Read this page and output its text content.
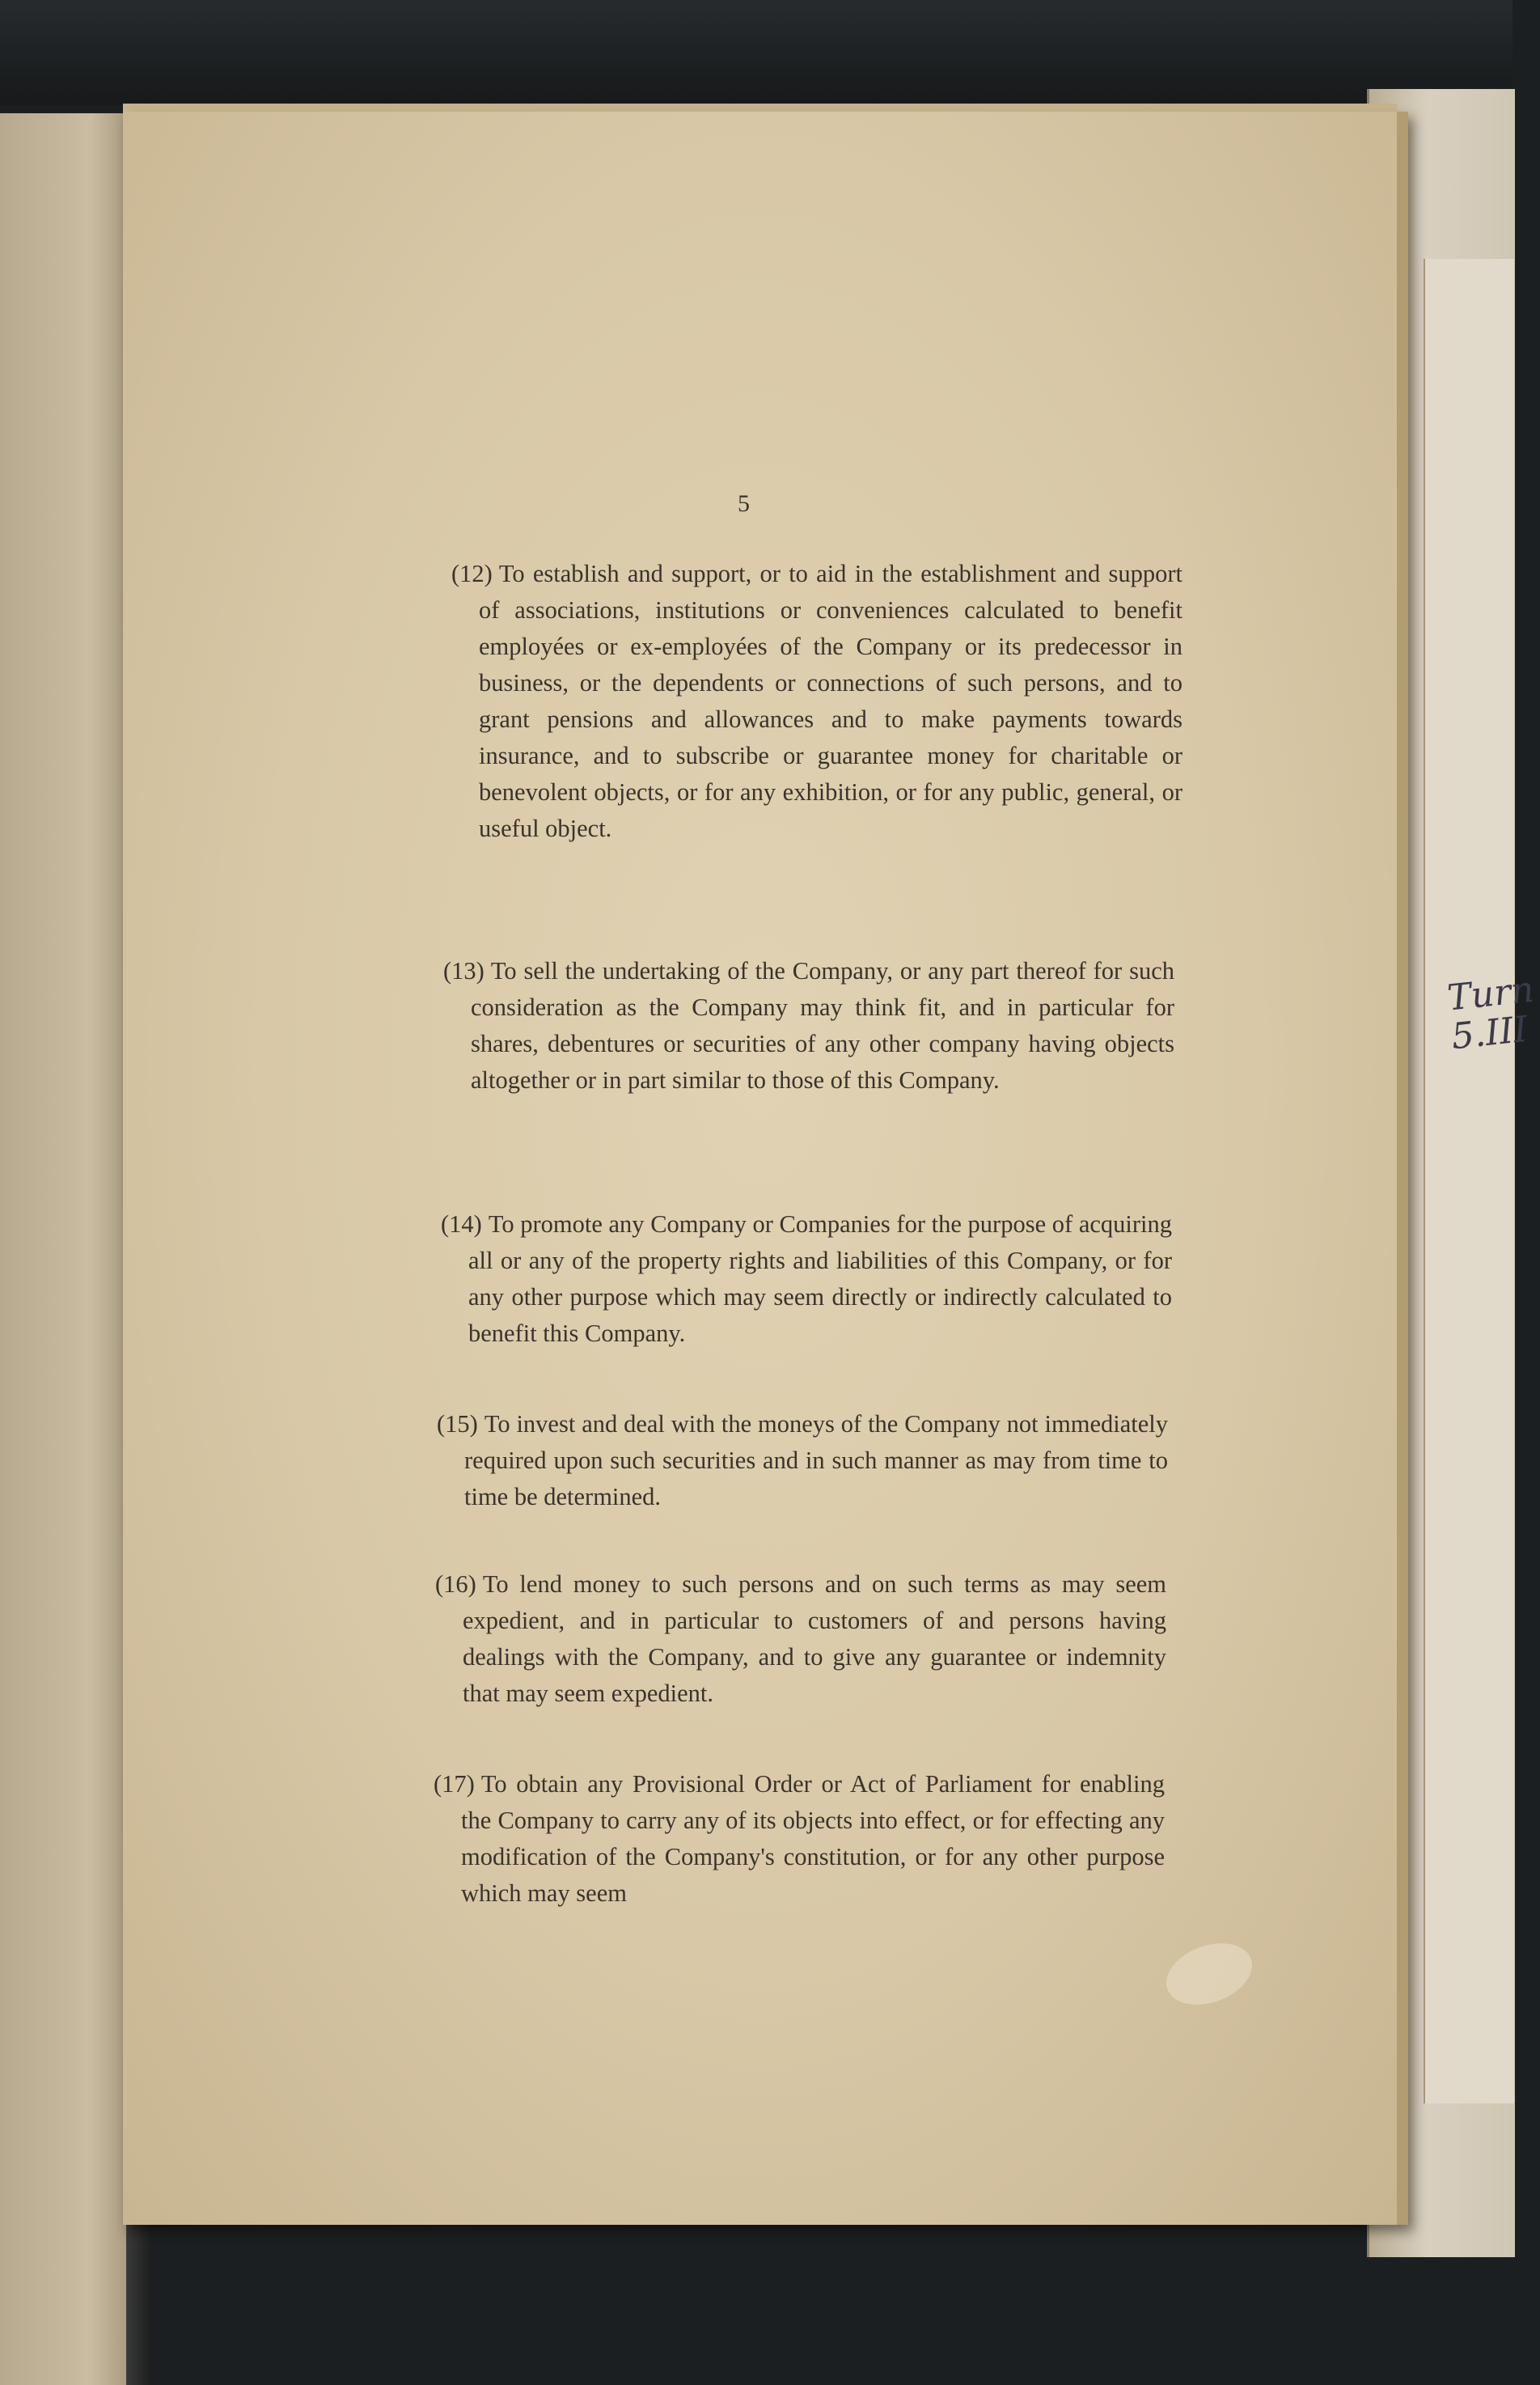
Turn
5.III
5
(12) To establish and support, or to aid in the establishment and support of associations, institutions or conveniences calculated to benefit employées or ex-employées of the Company or its predecessor in business, or the dependents or connections of such persons, and to grant pensions and allowances and to make payments towards insurance, and to subscribe or guarantee money for charitable or benevolent objects, or for any exhibition, or for any public, general, or useful object.
(13) To sell the undertaking of the Company, or any part thereof for such consideration as the Company may think fit, and in particular for shares, debentures or securities of any other company having objects altogether or in part similar to those of this Company.
(14) To promote any Company or Companies for the purpose of acquiring all or any of the property rights and liabilities of this Company, or for any other purpose which may seem directly or indirectly calculated to benefit this Company.
(15) To invest and deal with the moneys of the Company not immediately required upon such securities and in such manner as may from time to time be determined.
(16) To lend money to such persons and on such terms as may seem expedient, and in particular to customers of and persons having dealings with the Company, and to give any guarantee or indemnity that may seem expedient.
(17) To obtain any Provisional Order or Act of Parliament for enabling the Company to carry any of its objects into effect, or for effecting any modification of the Company's constitution, or for any other purpose which may seem
